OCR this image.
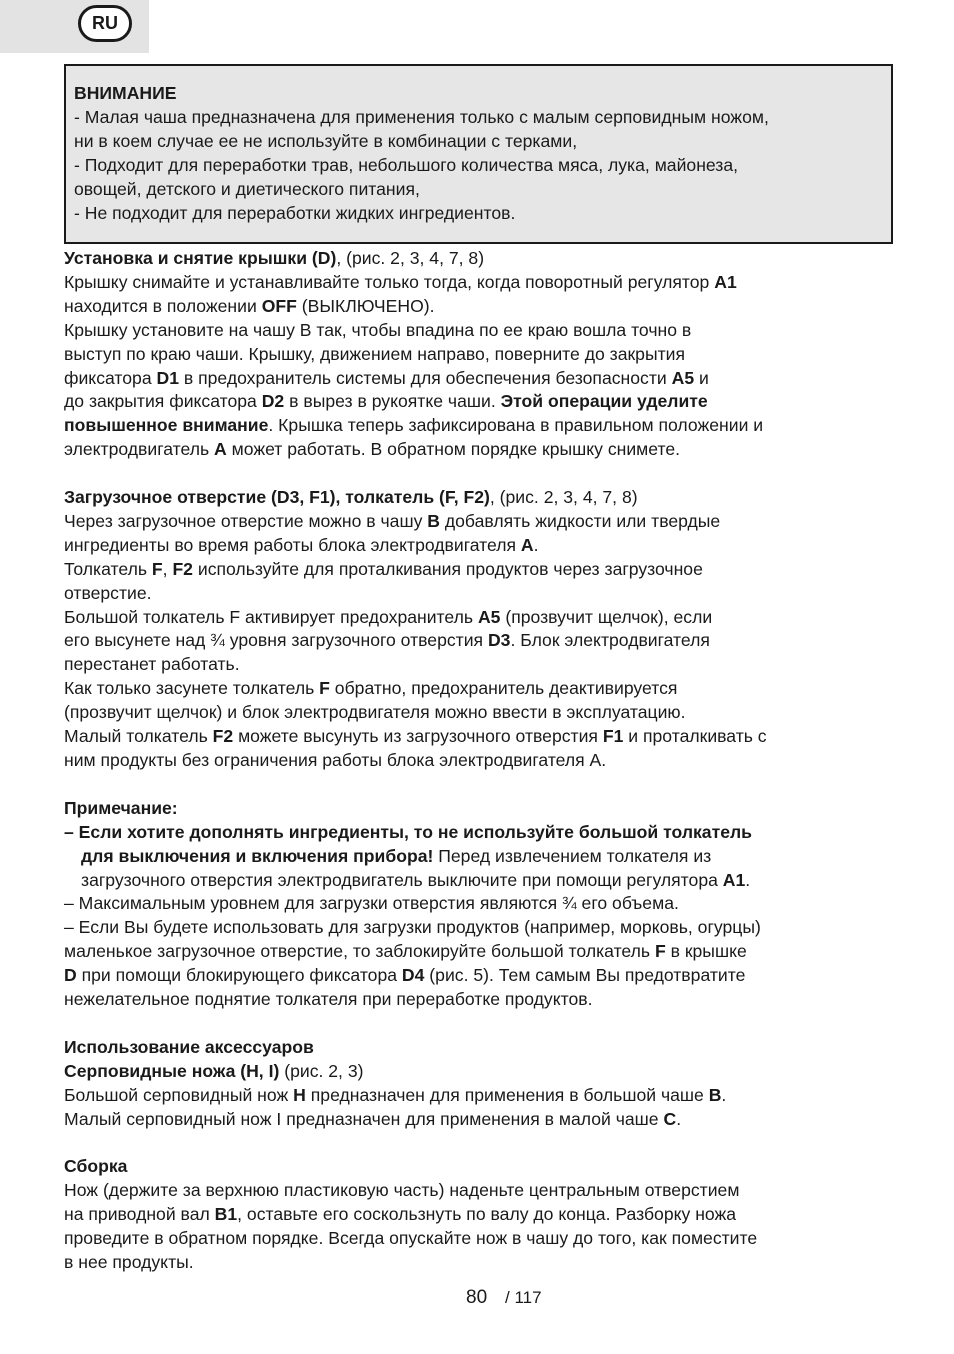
RU

ВНИМАНИЕ

- Малая чаша предназначена для применения только с малым серповидным ножом,

ни в коем случае ее не используйте в комбинации с терками,

- Подходит для переработки трав, небольшого количества мяса, лука, майонеза,

овощей, детского и диетического питания,

- Не подходит для переработки жидких ингредиентов.

Установка и снятие крышки (D), (рис. 2, 3, 4, 7, 8)

Крышку снимайте и устанавливайте только тогда, когда поворотный регулятор A1
находится в положении OFF (ВЫКЛЮЧЕНО).

Крышку установите на чашу B так, чтобы впадина по ее краю вошла точно в
выступ по краю чаши. Крышку, движением направо, поверните до закрытия
фиксатора D1 в предохранитель системы для обеспечения безопасности A5 и
до закрытия фиксатора D2 в вырез в рукоятке чаши. Этой операции уделите
повышенное внимание. Крышка теперь зафиксирована в правильном положении и
электродвигатель A может работать. В обратном порядке крышку снимете.

Загрузочное отверстие (D3, F1), толкатель (F, F2), (рис. 2, 3, 4, 7, 8)

Через загрузочное отверстие можно в чашу B добавлять жидкости или твердые
ингредиенты во время работы блока электродвигателя A.
Толкатель F, F2 используйте для проталкивания продуктов через загрузочное
отверстие.
Большой толкатель F активирует предохранитель A5 (прозвучит щелчок), если
его высунете над ¾ уровня загрузочного отверстия D3. Блок электродвигателя
перестанет работать.
Как только засунете толкатель F обратно, предохранитель деактивируется
(прозвучит щелчок) и блок электродвигателя можно ввести в эксплуатацию.
Малый толкатель F2 можете высунуть из загрузочного отверстия F1 и проталкивать с
ним продукты без ограничения работы блока электродвигателя A.

Примечание:

– Если хотите дополнять ингредиенты, то не используйте большой толкатель

для выключения и включения прибора! Перед извлечением толкателя из
загрузочного отверстия электродвигатель выключите при помощи регулятора A1.

– Максимальным уровнем для загрузки отверстия являются ¾ его объема.
– Если Вы будете использовать для загрузки продуктов (например, морковь, огурцы)
маленькое загрузочное отверстие, то заблокируйте большой толкатель F в крышке
D при помощи блокирующего фиксатора D4 (рис. 5). Тем самым Вы предотвратите
нежелательное поднятие толкателя при переработке продуктов.

Использование аксессуаров

Серповидные ножа (H, I) (рис. 2, 3)

Большой серповидный нож H предназначен для применения в большой чаше B.
Малый серповидный нож I предназначен для применения в малой чаше C.

Сборка

Нож (держите за верхнюю пластиковую часть) наденьте центральным отверстием
на приводной вал B1, оставьте его соскользнуть по валу до конца. Разборку ножа
проведите в обратном порядке. Всегда опускайте нож в чашу до того, как поместите
в нее продукты.

80 / 117
